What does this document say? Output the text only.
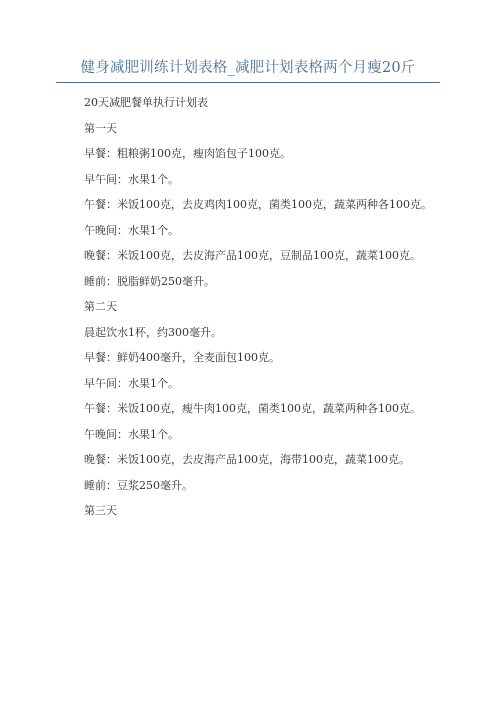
健身减肥训练计划表格_减肥计划表格两个月瘦20斤

20天减肥餐单执行计划表

第一天

早餐：粗粮粥100克，瘦肉馅包子100克。

早午间：水果1个。

午餐：米饭100克，去皮鸡肉100克，菌类100克，蔬菜两种各100克。

午晚间：水果1个。

晚餐：米饭100克，去皮海产品100克，豆制品100克，蔬菜100克。

睡前：脱脂鲜奶250毫升。

第二天

晨起饮水1杯，约300毫升。

早餐：鲜奶400毫升，全麦面包100克。

早午间：水果1个。

午餐：米饭100克，瘦牛肉100克，菌类100克，蔬菜两种各100克。

午晚间：水果1个。

晚餐：米饭100克，去皮海产品100克，海带100克，蔬菜100克。

睡前：豆浆250毫升。

第三天
